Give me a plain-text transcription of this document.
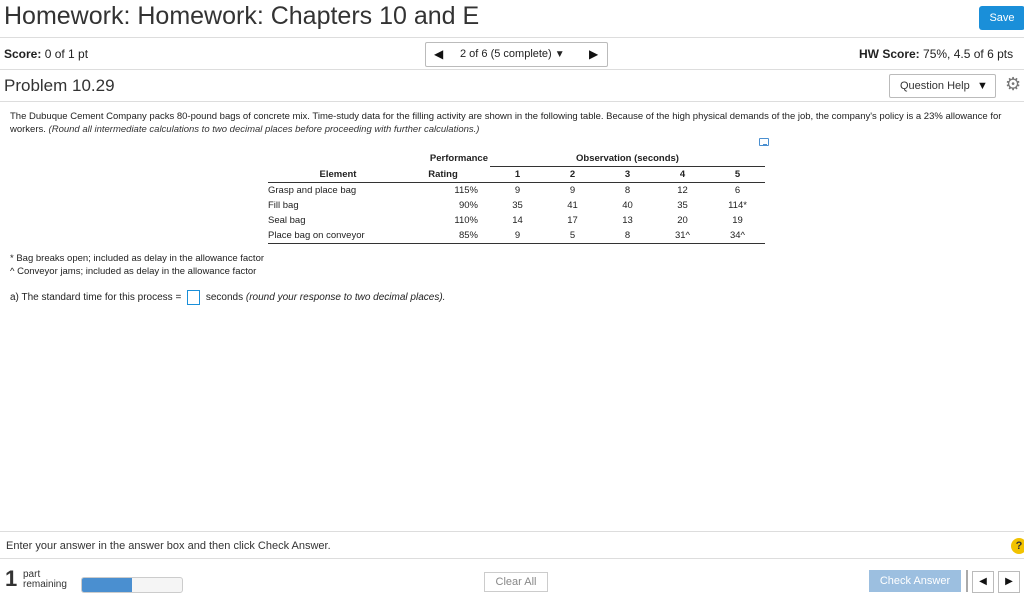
Homework: Homework: Chapters 10 and E	Save
Score: 0 of 1 pt	◀ 2 of 6 (5 complete) ▼ ▶	HW Score: 75%, 4.5 of 6 pts
Problem 10.29	Question Help ▼ ⚙
The Dubuque Cement Company packs 80-pound bags of concrete mix. Time-study data for the filling activity are shown in the following table. Because of the high physical demands of the job, the company's policy is a 23% allowance for workers. (Round all intermediate calculations to two decimal places before proceeding with further calculations.)
	Performance	Observation (seconds)				
Element	Rating	1	2	3	4	5
Grasp and place bag	115%	9	9	8	12	6
Fill bag	90%	35	41	40	35	114*
Seal bag	110%	14	17	13	20	19
Place bag on conveyor	85%	9	5	8	31^	34^
* Bag breaks open; included as delay in the allowance factor
^ Conveyor jams; included as delay in the allowance factor
a) The standard time for this process = seconds (round your response to two decimal places).
Enter your answer in the answer box and then click Check Answer.	?
1 part remaining	Clear All	Check Answer	◀	▶
